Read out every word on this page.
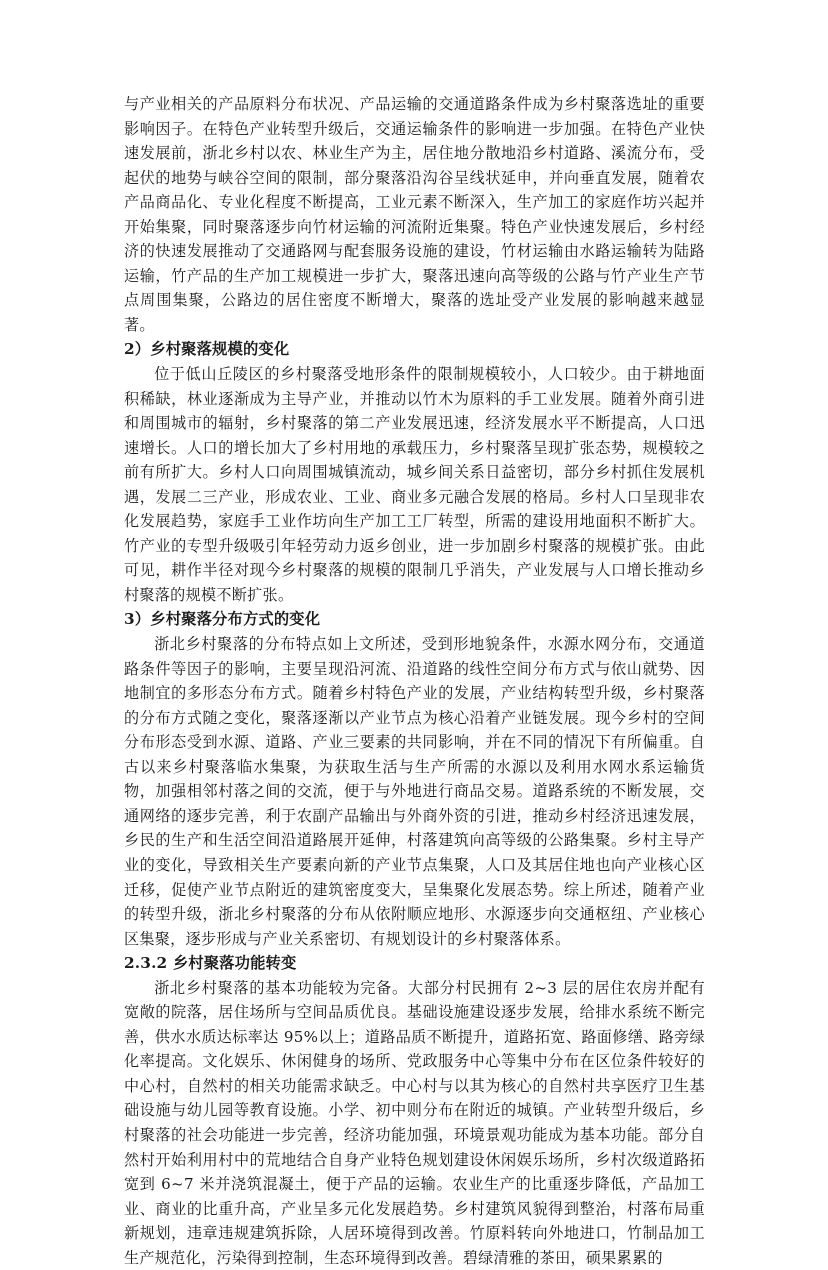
与产业相关的产品原料分布状况、产品运输的交通道路条件成为乡村聚落选址的重要影响因子。在特色产业转型升级后，交通运输条件的影响进一步加强。在特色产业快速发展前，浙北乡村以农、林业生产为主，居住地分散地沿乡村道路、溪流分布，受起伏的地势与峡谷空间的限制，部分聚落沿沟谷呈线状延申，并向垂直发展，随着农产品商品化、专业化程度不断提高，工业元素不断深入，生产加工的家庭作坊兴起并开始集聚，同时聚落逐步向竹材运输的河流附近集聚。特色产业快速发展后，乡村经济的快速发展推动了交通路网与配套服务设施的建设，竹材运输由水路运输转为陆路运输，竹产品的生产加工规模进一步扩大，聚落迅速向高等级的公路与竹产业生产节点周围集聚，公路边的居住密度不断增大，聚落的选址受产业发展的影响越来越显著。

2）乡村聚落规模的变化

位于低山丘陵区的乡村聚落受地形条件的限制规模较小，人口较少。由于耕地面积稀缺，林业逐渐成为主导产业，并推动以竹木为原料的手工业发展。随着外商引进和周围城市的辐射，乡村聚落的第二产业发展迅速，经济发展水平不断提高，人口迅速增长。人口的增长加大了乡村用地的承载压力，乡村聚落呈现扩张态势，规模较之前有所扩大。乡村人口向周围城镇流动，城乡间关系日益密切，部分乡村抓住发展机遇，发展二三产业，形成农业、工业、商业多元融合发展的格局。乡村人口呈现非农化发展趋势，家庭手工业作坊向生产加工工厂转型，所需的建设用地面积不断扩大。竹产业的专型升级吸引年轻劳动力返乡创业，进一步加剧乡村聚落的规模扩张。由此可见，耕作半径对现今乡村聚落的规模的限制几乎消失，产业发展与人口增长推动乡村聚落的规模不断扩张。

3）乡村聚落分布方式的变化

浙北乡村聚落的分布特点如上文所述，受到形地貌条件，水源水网分布，交通道路条件等因子的影响，主要呈现沿河流、沿道路的线性空间分布方式与依山就势、因地制宜的多形态分布方式。随着乡村特色产业的发展，产业结构转型升级，乡村聚落的分布方式随之变化，聚落逐渐以产业节点为核心沿着产业链发展。现今乡村的空间分布形态受到水源、道路、产业三要素的共同影响，并在不同的情况下有所偏重。自古以来乡村聚落临水集聚，为获取生活与生产所需的水源以及利用水网水系运输货物，加强相邻村落之间的交流，便于与外地进行商品交易。道路系统的不断发展，交通网络的逐步完善，利于农副产品输出与外商外资的引进，推动乡村经济迅速发展，乡民的生产和生活空间沿道路展开延伸，村落建筑向高等级的公路集聚。乡村主导产业的变化，导致相关生产要素向新的产业节点集聚，人口及其居住地也向产业核心区迁移，促使产业节点附近的建筑密度变大，呈集聚化发展态势。综上所述，随着产业的转型升级，浙北乡村聚落的分布从依附顺应地形、水源逐步向交通枢纽、产业核心区集聚，逐步形成与产业关系密切、有规划设计的乡村聚落体系。

2.3.2 乡村聚落功能转变

浙北乡村聚落的基本功能较为完备。大部分村民拥有 2~3 层的居住农房并配有宽敞的院落，居住场所与空间品质优良。基础设施建设逐步发展，给排水系统不断完善，供水水质达标率达 95%以上；道路品质不断提升，道路拓宽、路面修缮、路旁绿化率提高。文化娱乐、休闲健身的场所、党政服务中心等集中分布在区位条件较好的中心村，自然村的相关功能需求缺乏。中心村与以其为核心的自然村共享医疗卫生基础设施与幼儿园等教育设施。小学、初中则分布在附近的城镇。产业转型升级后，乡村聚落的社会功能进一步完善，经济功能加强，环境景观功能成为基本功能。部分自然村开始利用村中的荒地结合自身产业特色规划建设休闲娱乐场所，乡村次级道路拓宽到 6~7 米并浇筑混凝土，便于产品的运输。农业生产的比重逐步降低，产品加工业、商业的比重升高，产业呈多元化发展趋势。乡村建筑风貌得到整治，村落布局重新规划，违章违规建筑拆除，人居环境得到改善。竹原料转向外地进口，竹制品加工生产规范化，污染得到控制，生态环境得到改善。碧绿清雅的茶田，硕果累累的
